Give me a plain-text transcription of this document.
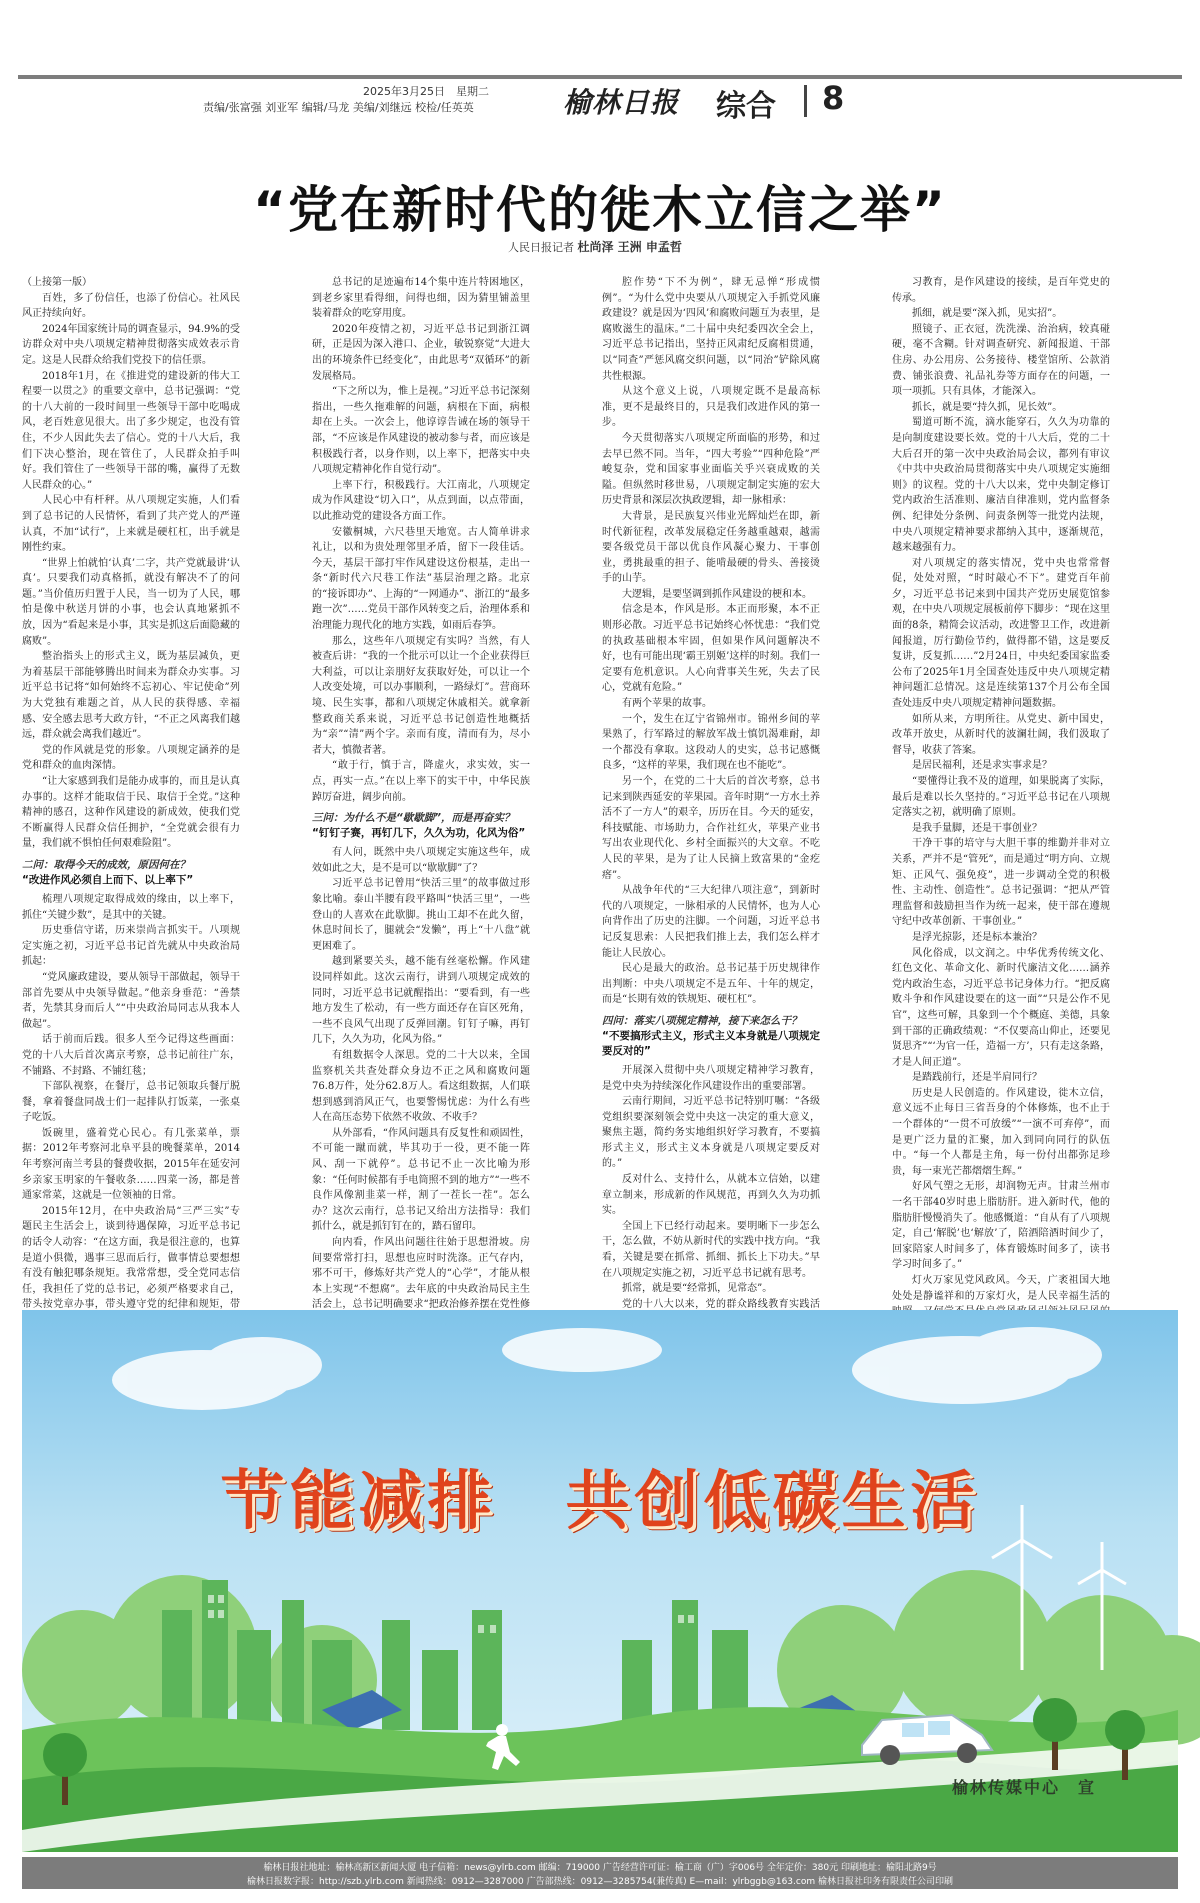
2025年3月25日　星期二
责编/张富强 刘亚军 编辑/马龙 美编/刘继远 校检/任英英	榆林日报 综合 8
“党在新时代的徙木立信之举”
人民日报记者 杜尚泽 王洲 申孟哲

（上接第一版）

百姓，多了份信任，也添了份信心。社风民风正持续向好。

2024年国家统计局的调查显示，94.9%的受访群众对中央八项规定精神贯彻落实成效表示肯定。这是人民群众给我们党投下的信任票。

2018年1月，在《推进党的建设新的伟大工程要一以贯之》的重要文章中，总书记强调：“党的十八大前的一段时间里一些领导干部中吃喝成风，老百姓意见很大。出了多少规定，也没有管住，不少人因此失去了信心。党的十八大后，我们下决心整治，现在管住了，人民群众拍手叫好。我们管住了一些领导干部的嘴，赢得了无数人民群众的心。”

人民心中有杆秤。从八项规定实施，人们看到了总书记的人民情怀，看到了共产党人的严谨认真，不加“试行”，上来就是硬杠杠，出手就是刚性约束。

“世界上怕就怕‘认真’二字，共产党就最讲‘认真’。只要我们动真格抓，就没有解决不了的问题。”当价值历归置于人民，当一切为了人民，哪怕是像中秋送月饼的小事，也会认真地紧抓不放，因为“看起来是小事，其实是抓这后面隐藏的腐败”。

整治指头上的形式主义，既为基层减负，更为着基层干部能够腾出时间来为群众办实事。习近平总书记将“如何始终不忘初心、牢记使命”列为大党独有难题之首，从人民的获得感、幸福感、安全感去思考大政方针，“不正之风离我们越远，群众就会离我们越近”。

党的作风就是党的形象。八项规定涵养的是党和群众的血肉深情。

“让大家感到我们是能办成事的，而且是认真办事的。这样才能取信于民、取信于全党。”这种精神的感召，这种作风建设的新成效，使我们党不断赢得人民群众信任拥护，“全党就会很有力量，我们就不惧怕任何艰难险阻”。

二问：取得今天的成效，原因何在？
“改进作风必须自上而下、以上率下”

梳理八项规定取得成效的缘由，以上率下，抓住“关键少数”，是其中的关键。

历史垂信守诺，历来崇尚言抓实干。八项规定实施之初，习近平总书记首先就从中央政治局抓起：

“党风廉政建设，要从领导干部做起，领导干部首先要从中央领导做起。”他亲身垂范：“善禁者，先禁其身而后人”“中央政治局同志从我本人做起”。

话于前而后践。很多人至今记得这些画面：党的十八大后首次离京考察，总书记前往广东，不铺路、不封路、不铺红毯；

下部队视察，在餐厅，总书记领取兵餐厅脱餐，拿着餐盘同战士们一起排队打饭菜，一张桌子吃饭。

饭碗里，盛着党心民心。有几张菜单，票据：2012年考察河北阜平县的晚餐菜单，2014年考察河南兰考县的餐费收据，2015年在延安河乡亲家玉明家的午餐收条……四菜一汤，都是普通家常菜，这就是一位领袖的日常。

2015年12月，在中央政治局“三严三实”专题民主生活会上，谈到待遇保障，习近平总书记的话令人动容：“在这方面，我是很注意的，也算是道小俱微，遇事三思而后行，做事情总要想想有没有触犯哪条规矩。我常常想，受全党同志信任，我担任了党的总书记，必须严格要求自己，带头按党章办事，带头遵守党的纪律和规矩，带

总书记的足迹遍布14个集中连片特困地区，到老乡家里看得细，问得也细，因为猜里铺盖里装着群众的吃穿用度。

2020年疫情之初，习近平总书记到浙江调研，正是因为深入港口、企业，敏锐察觉“大进大出的环境条件已经变化”，由此思考“双循环”的新发展格局。

“下之所以为，惟上是视。”习近平总书记深刻指出，一些久拖难解的问题，病根在下面，病根却在上头。一次会上，他谆谆告诫在场的领导干部，“不应该是作风建设的被动参与者，而应该是积极践行者，以身作则，以上率下，把落实中央八项规定精神化作自觉行动”。

上率下行，积极践行。大江南北，八项规定成为作风建设“切入口”，从点到面，以点带面，以此推动党的建设各方面工作。

安徽桐城，六尺巷里天地宽。古人简单讲求礼让，以和为贵处理邻里矛盾，留下一段佳话。今天，基层干部打牢作风建设这份根基，走出一条“新时代六尺巷工作法”基层治理之路。北京的“接诉即办”、上海的“一网通办”、浙江的“最多跑一次”……党员干部作风转变之后，治理体系和治理能力现代化的地方实践，如雨后春笋。

那么，这些年八项规定有实吗？当然，有人被查后讲：“我的一个批示可以让一个企业获得巨大利益，可以让亲朋好友获取好处，可以让一个人改变处境，可以办事顺利，一路绿灯”。营商环境、民生实事，都和八项规定休戚相关。就拿新整政商关系来说，习近平总书记创造性地概括为“亲”“清”两个字。亲而有度，清而有为，尽小者大，慎微者著。

“敢于行，慎于言，降虚火，求实效，实一点，再实一点。”在以上率下的实干中，中华民族踔厉奋进，阔步向前。

三问：为什么不是“歇歇脚”，而是再奋实？
“钉钉子赛，再钉几下，久久为功，化风为俗”

有人问，既然中央八项规定实施这些年，成效如此之大，是不是可以“歇歇脚”了？

习近平总书记曾用“快活三里”的故事做过形象比喻。泰山半腰有段平路叫“快活三里”，一些登山的人喜欢在此歇脚。挑山工却不在此久留，休息时间长了，腿就会“发懒”，再上“十八盘”就更困难了。

越到紧要关头，越不能有丝毫松懈。作风建设同样如此。这次云南行，讲到八项规定成效的同时，习近平总书记就醒指出：“要看到，有一些地方发生了松动，有一些方面还存在盲区死角，一些不良风气出现了反弹回潮。钉钉子嘛，再钉几下，久久为功，化风为俗。”

有组数据令人深思。党的二十大以来，全国监察机关共查处群众身边不正之风和腐败问题76.8万件，处分62.8万人。看这组数据，人们联想到感到消风正气，也要警惕忧虑：为什么有些人在高压态势下依然不收敛、不收手？

从外部看，“作风问题具有反复性和顽固性，不可能一蹴而就，毕其功于一役，更不能一阵风、刮一下就停”。总书记不止一次比喻为形象：“任何时候都有手电筒照不到的地方”“一些不良作风像割韭菜一样，割了一茬长一茬”。怎么办？这次云南行，总书记又给出方法指导：我们抓什么，就是抓钉钉在的，踏石留印。

向内看，作风出问题往往始于思想滑坡。房间要常常打扫，思想也应时时洗涤。正气存内，邪不可干，修炼好共产党人的“心学”，才能从根本上实现“不想腐”。去年底的中央政治局民主生活会上，总书记明确要求“把政治修养摆在党性修

腔作势“下不为例”，肆无忌惮“形成惯例”。“为什么党中央要从八项规定入手抓党风廉政建设？就是因为‘四风’和腐败问题互为表里，是腐败滋生的温床。”二十届中央纪委四次全会上，习近平总书记指出，坚持正风肃纪反腐相贯通，以“同查”严惩风腐交织问题，以“同治”铲除风腐共性根源。

从这个意义上说，八项规定既不是最高标准，更不是最终目的，只是我们改进作风的第一步。

今天贯彻落实八项规定所面临的形势，和过去早已然不同。当年，“四大考验”“四种危险”严峻复杂，党和国家事业面临关乎兴衰成败的关隘。但纵然时移世易，八项规定制定实施的宏大历史背景和深层次执政逻辑，却一脉相承：

大背景，是民族复兴伟业光辉灿烂在即，新时代新征程，改革发展稳定任务越重越艰，越需要各级党员干部以优良作风凝心聚力、干事创业，勇挑最重的担子、能啃最硬的骨头、善接烫手的山芋。

大逻辑，是要坚调到抓作风建设的梗和本。

信念是本，作风是形。本正而形聚，本不正则形必散。习近平总书记始终心怀忧患：“我们党的执政基础根本牢固，但如果作风问题解决不好，也有可能出现‘霸王别姬’这样的时刻。我们一定要有危机意识。人心向背事关生死，失去了民心，党就有危险。”

有两个苹果的故事。

一个，发生在辽宁省锦州市。锦州乡间的苹果熟了，行军路过的解放军战士慎饥渴难耐，却一个都没有拿取。这段动人的史实，总书记感慨良多，“这样的苹果，我们现在也不能吃”。

另一个，在党的二十大后的首次考察，总书记来到陕西延安的苹果园。音年时期“一方水土养活不了一方人”的艰辛，历历在目。今天的延安，科技赋能、市场助力，合作社红火，苹果产业书写出农业现代化、乡村全面振兴的大文章。不吃人民的苹果，是为了让人民摘上致富果的“金疙瘩”。

从战争年代的“三大纪律八项注意”，到新时代的八项规定，一脉相承的人民情怀，也为人心向背作出了历史的注脚。一个问题，习近平总书记反复思索：人民把我们推上去，我们怎么样才能让人民放心。

民心是最大的政治。总书记基于历史规律作出判断：中央八项规定不是五年、十年的规定，而是“长期有效的铁规矩、硬杠杠”。

四问：落实八项规定精神，接下来怎么干？
“不要搞形式主义，形式主义本身就是八项规定要反对的”

开展深入贯彻中央八项规定精神学习教育，是党中央为持续深化作风建设作出的重要部署。

云南行期间，习近平总书记特别叮嘱：“各级党组织要深刻领会党中央这一决定的重大意义，聚焦主题，简约务实地组织好学习教育，不要搞形式主义，形式主义本身就是八项规定要反对的。”

反对什么、支持什么，从就本立信始，以建章立制来，形成新的作风规范，再到久久为功抓实。

全国上下已经行动起来。要明晰下一步怎么干，怎么做，不妨从新时代的实践中找方向。“我看，关键是要在抓常、抓细、抓长上下功夫。”早在八项规定实施之初，习近平总书记就有思考。

抓常，就是要“经常抓，见常态”。

党的十八大以来，党的群众路线教育实践活

习教育，是作风建设的接续，是百年党史的传承。

抓细，就是要“深入抓，见实招”。

照镜子、正衣冠，洗洗澡、治治病，较真碰硬，毫不含糊。针对调查研究、新闻报道、干部住房、办公用房、公务接待、楼堂馆所、公款消费、铺张浪费、礼品礼券等方面存在的问题，一项一项抓。只有具体，才能深入。

抓长，就是要“持久抓，见长效”。

蜀道可断不流，滴水能穿石，久久为功靠的是向制度建设要长效。党的十八大后，党的二十大后召开的第一次中央政治局会议，都列有审议《中共中央政治局贯彻落实中央八项规定实施细则》的议程。党的十八大以来，党中央制定修订党内政治生活准则、廉洁自律准则，党内监督条例、纪律处分条例、问责条例等一批党内法规，中央八项规定精神要求都纳入其中，逐渐规范，越来越强有力。

对八项规定的落实情况，党中央也常常督促，处处对照，“时时敲心不下”。建党百年前夕，习近平总书记来到中国共产党历史展览馆参观，在中央八项规定展板前停下脚步：“现在这里面的8条，精简会议活动，改进警卫工作，改进新闻报道，厉行勤俭节约，做得都不错，这是要反复讲，反复抓……”2月24日，中央纪委国家监委公布了2025年1月全国查处违反中央八项规定精神问题汇总情况。这是连续第137个月公布全国查处违反中央八项规定精神问题数据。

如所从来，方明所往。从党史、新中国史，改革开放史，从新时代的波澜壮阔，我们汲取了督导，收获了答案。

是居民福利，还是求实事求是？

“要懂得让我不及的道理，如果脱离了实际，最后是难以长久坚持的。”习近平总书记在八项规定落实之初，就明确了原则。

是我手量脚，还是干事创业？

干净干事的培守与大胆干事的维勤并非对立关系，严并不是“管死”，而是通过“明方向、立规矩、正风气、强免疫”，进一步调动全党的积极性、主动性、创造性”。总书记强调：“把从严管理监督和鼓励担当作为统一起来，使干部在遵规守纪中改革创新、干事创业。”

是浮光掠影，还是标本兼治？

风化俗成，以文润之。中华优秀传统文化、红色文化、革命文化、新时代廉洁文化……涵养党内政治生态，习近平总书记身体力行。“把反腐败斗争和作风建设要在的这一面”“只是公作不见官”，这些可解，具象到一个个概庭、美德，具象到干部的正确政绩观：“不仅要高山仰止，还要见贤思齐”“‘为官一任，造福一方’，只有走这条路，才是人间正道”。

是踏践前行，还是半肩同行？

历史是人民创造的。作风建设，徙木立信，意义远不止每日三省吾身的个体修炼，也不止于一个群体的“一贯不可放缓”“一演不可弃停”，而是更广泛力量的汇聚，加入到同向同行的队伍中。“每一个人都是主角，每一份付出都弥足珍贵，每一束光芒都熠熠生辉。”

好风气塑之无形，却润物无声。甘肃兰州市一名干部40岁时患上脂肪肝。进入新时代，他的脂肪肝慢慢消失了。他感慨道：“自从有了八项规定，自己‘解脱’也‘解放’了，陪酒陪酒时间少了，回家陪家人时间多了，体育锻炼时间多了，读书学习时间多了。”

灯火万家见党风政风。今天，广袤祖国大地处处是静谧祥和的万家灯火，是人民幸福生活的

节能减排　共创低碳生活
榆林传媒中心　宣
榆林日报社地址：榆林高新区新闻大厦 电子信箱：news@ylrb.com 邮编：719000 广告经营许可证：榆工商（广）字006号 全年定价：380元 印刷地址：榆阳北路9号
榆林日报数字报：http://szb.ylrb.com 新闻热线：0912—3287000 广告部热线：0912—3285754(兼传真) E—mail：ylrbggb@163.com 榆林日报社印务有限责任公司印刷
